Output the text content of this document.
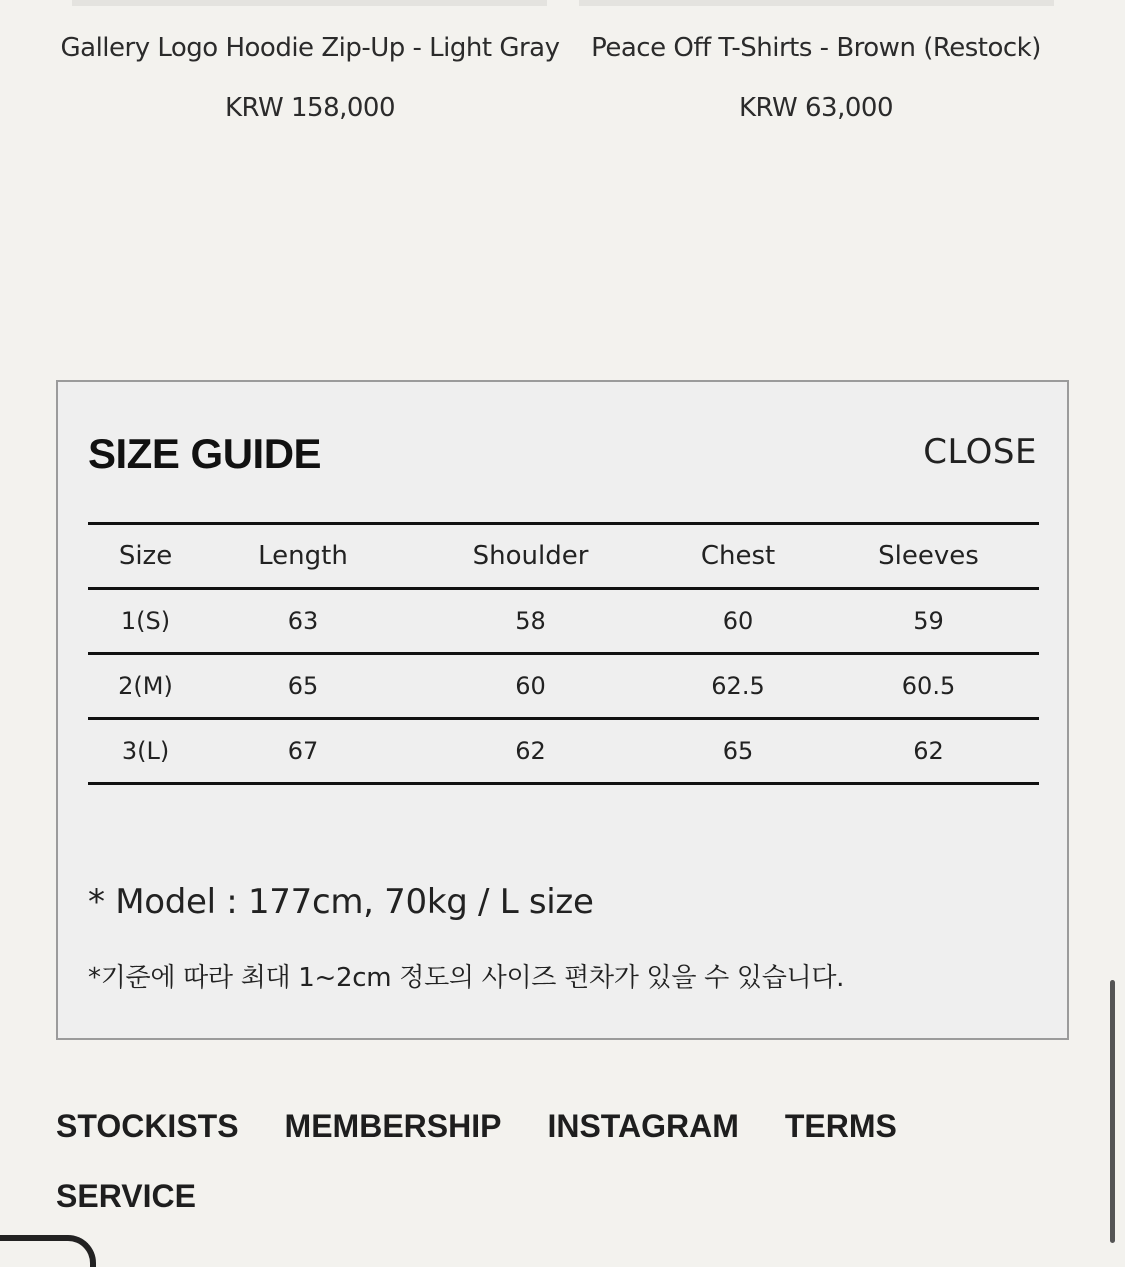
Gallery Logo Hoodie Zip-Up - Light Gray
KRW 158,000
Peace Off T-Shirts - Brown (Restock)
KRW 63,000
SIZE GUIDE	CLOSE
Size	Length	Shoulder	Chest	Sleeves
1(S)	63	58	60	59
2(M)	65	60	62.5	60.5
3(L)	67	62	65	62
* Model : 177cm, 70kg / L size
*기준에 따라 최대 1~2cm 정도의 사이즈 편차가 있을 수 있습니다.
STOCKISTS MEMBERSHIP INSTAGRAM TERMS
SERVICE
